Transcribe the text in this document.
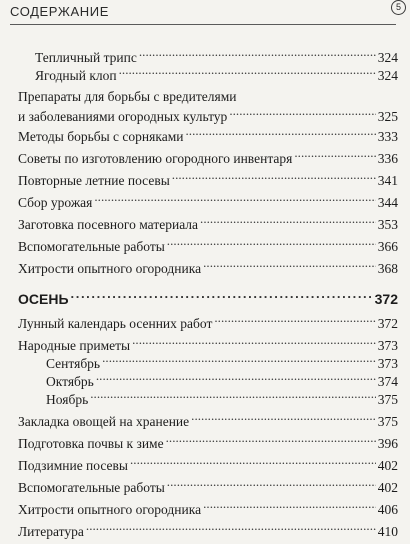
СОДЕРЖАНИЕ	5
Тепличный трипс . . .	324
Ягодный клоп . . .	324
Препараты для борьбы с вредителями
и заболеваниями огородных культур . . .	325
Методы борьбы с сорняками . . .	333
Советы по изготовлению огородного инвентаря . . .	336
Повторные летние посевы . . .	341
Сбор урожая . . .	344
Заготовка посевного материала . . .	353
Вспомогательные работы . . .	366
Хитрости опытного огородника . . .	368
ОСЕНЬ . . .	372
Лунный календарь осенних работ . . .	372
Народные приметы . . .	373
Сентябрь . . .	373
Октябрь . . .	374
Ноябрь . . .	375
Закладка овощей на хранение . . .	375
Подготовка почвы к зиме . . .	396
Подзимние посевы . . .	402
Вспомогательные работы . . .	402
Хитрости опытного огородника . . .	406
Литература . . .	410
